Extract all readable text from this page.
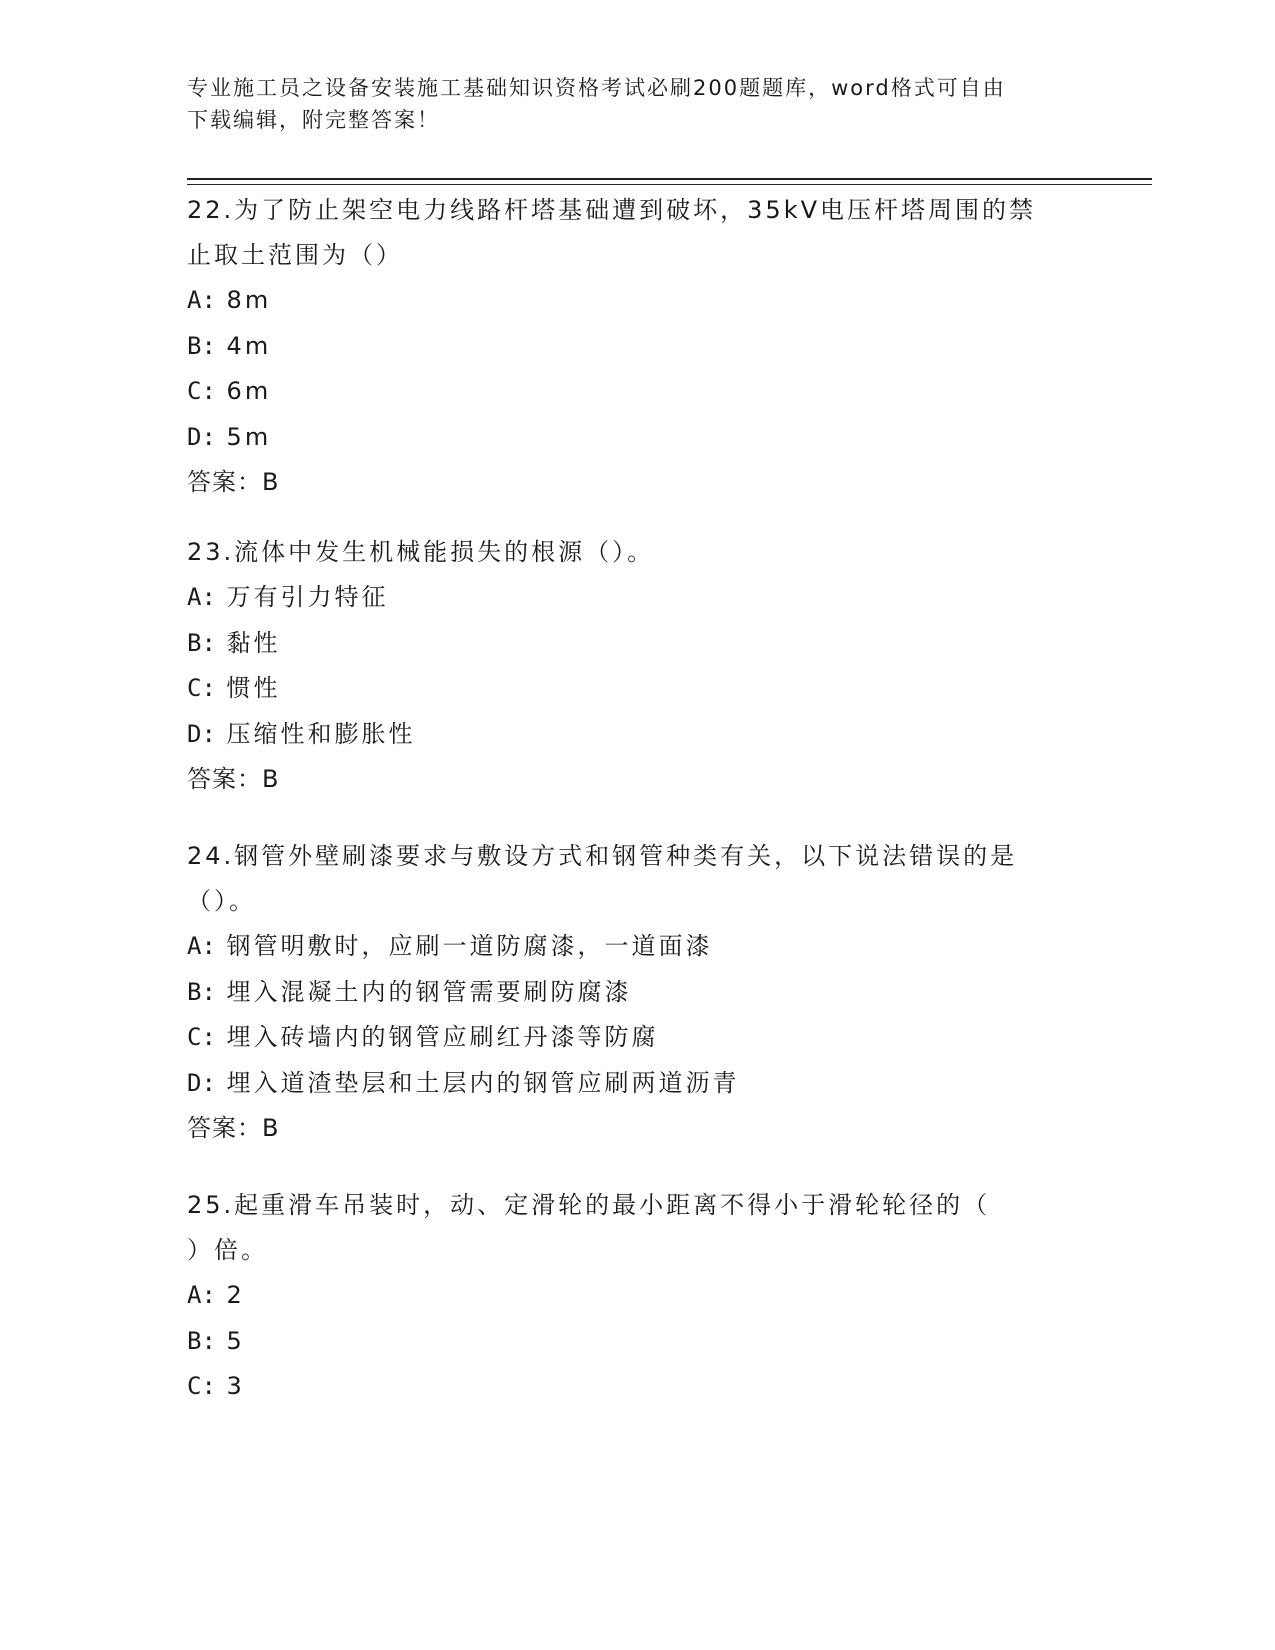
专业施工员之设备安装施工基础知识资格考试必刷200题题库，word格式可自由
下载编辑，附完整答案！

22.为了防止架空电力线路杆塔基础遭到破坏，35kV电压杆塔周围的禁

止取土范围为（）

A: 8m

B: 4m

C: 6m

D: 5m

答案：B

23.流体中发生机械能损失的根源（）。

A: 万有引力特征

B: 黏性

C: 惯性

D: 压缩性和膨胀性

答案：B

24.钢管外壁刷漆要求与敷设方式和钢管种类有关，以下说法错误的是

（）。

A: 钢管明敷时，应刷一道防腐漆，一道面漆

B: 埋入混凝土内的钢管需要刷防腐漆

C: 埋入砖墙内的钢管应刷红丹漆等防腐

D: 埋入道渣垫层和土层内的钢管应刷两道沥青

答案：B

25.起重滑车吊装时，动、定滑轮的最小距离不得小于滑轮轮径的（

）倍。

A: 2

B: 5

C: 3
